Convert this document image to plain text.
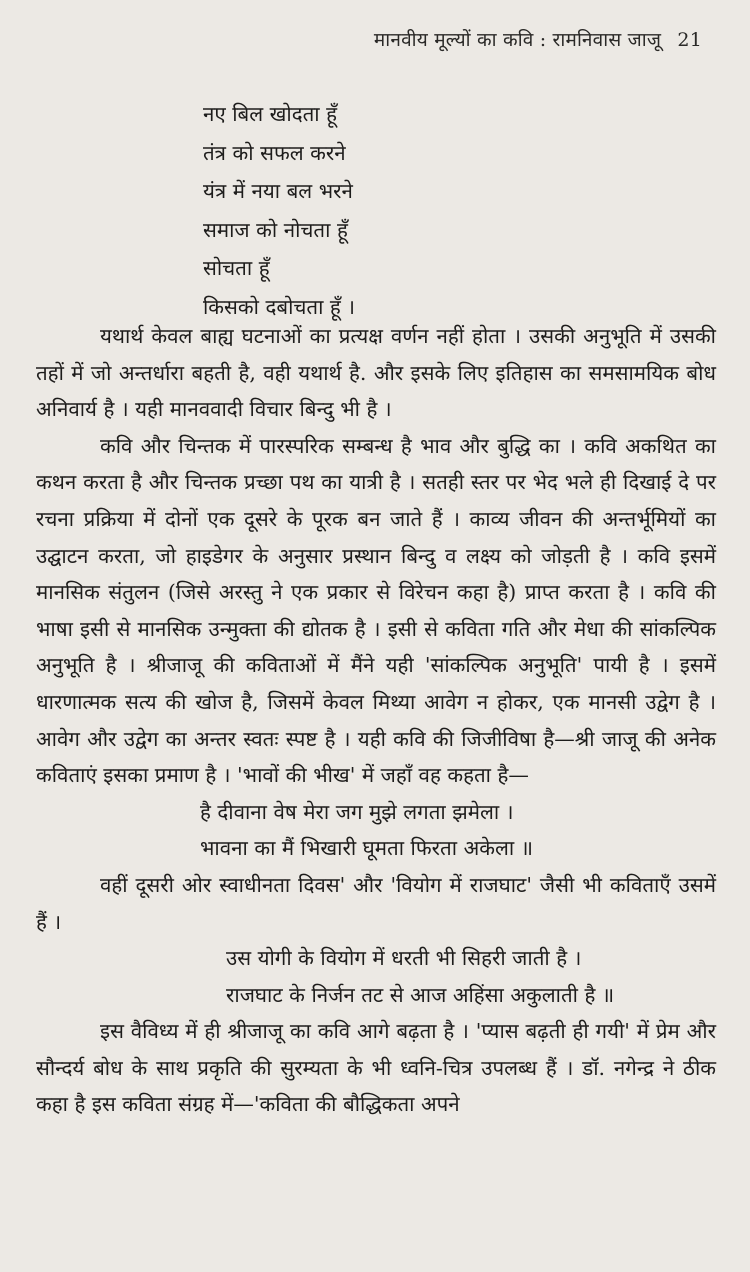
मानवीय मूल्यों का कवि : रामनिवास जाजू 21
नए बिल खोदता हूँ
तंत्र को सफल करने
यंत्र में नया बल भरने
समाज को नोचता हूँ
सोचता हूँ
किसको दबोचता हूँ ।

यथार्थ केवल बाह्य घटनाओं का प्रत्यक्ष वर्णन नहीं होता । उसकी अनुभूति में उसकी तहों में जो अन्तर्धारा बहती है, वही यथार्थ है. और इसके लिए इतिहास का समसामयिक बोध अनिवार्य है । यही मानववादी विचार बिन्दु भी है ।

कवि और चिन्तक में पारस्परिक सम्बन्ध है भाव और बुद्धि का । कवि अकथित का कथन करता है और चिन्तक प्रच्छा पथ का यात्री है । सतही स्तर पर भेद भले ही दिखाई दे पर रचना प्रक्रिया में दोनों एक दूसरे के पूरक बन जाते हैं । काव्य जीवन की अन्तर्भूमियों का उद्घाटन करता, जो हाइडेगर के अनुसार प्रस्थान बिन्दु व लक्ष्य को जोड़ती है । कवि इसमें मानसिक संतुलन (जिसे अरस्तु ने एक प्रकार से विरेचन कहा है) प्राप्त करता है । कवि की भाषा इसी से मानसिक उन्मुक्ता की द्योतक है । इसी से कविता गति और मेधा की सांकल्पिक अनुभूति है । श्रीजाजू की कविताओं में मैंने यही 'सांकल्पिक अनुभूति' पायी है । इसमें धारणात्मक सत्य की खोज है, जिसमें केवल मिथ्या आवेग न होकर, एक मानसी उद्वेग है । आवेग और उद्वेग का अन्तर स्वतः स्पष्ट है । यही कवि की जिजीविषा है—श्री जाजू की अनेक कविताएं इसका प्रमाण है । 'भावों की भीख' में जहाँ वह कहता है—

है दीवाना वेष मेरा जग मुझे लगता झमेला ।
भावना का मैं भिखारी घूमता फिरता अकेला ॥

वहीं दूसरी ओर स्वाधीनता दिवस' और 'वियोग में राजघाट' जैसी भी कविताएँ उसमें हैं ।

उस योगी के वियोग में धरती भी सिहरी जाती है ।
राजघाट के निर्जन तट से आज अहिंसा अकुलाती है ॥

इस वैविध्य में ही श्रीजाजू का कवि आगे बढ़ता है । 'प्यास बढ़ती ही गयी' में प्रेम और सौन्दर्य बोध के साथ प्रकृति की सुरम्यता के भी ध्वनि-चित्र उपलब्ध हैं । डॉ. नगेन्द्र ने ठीक कहा है इस कविता संग्रह में—'कविता की बौद्धिकता अपने
